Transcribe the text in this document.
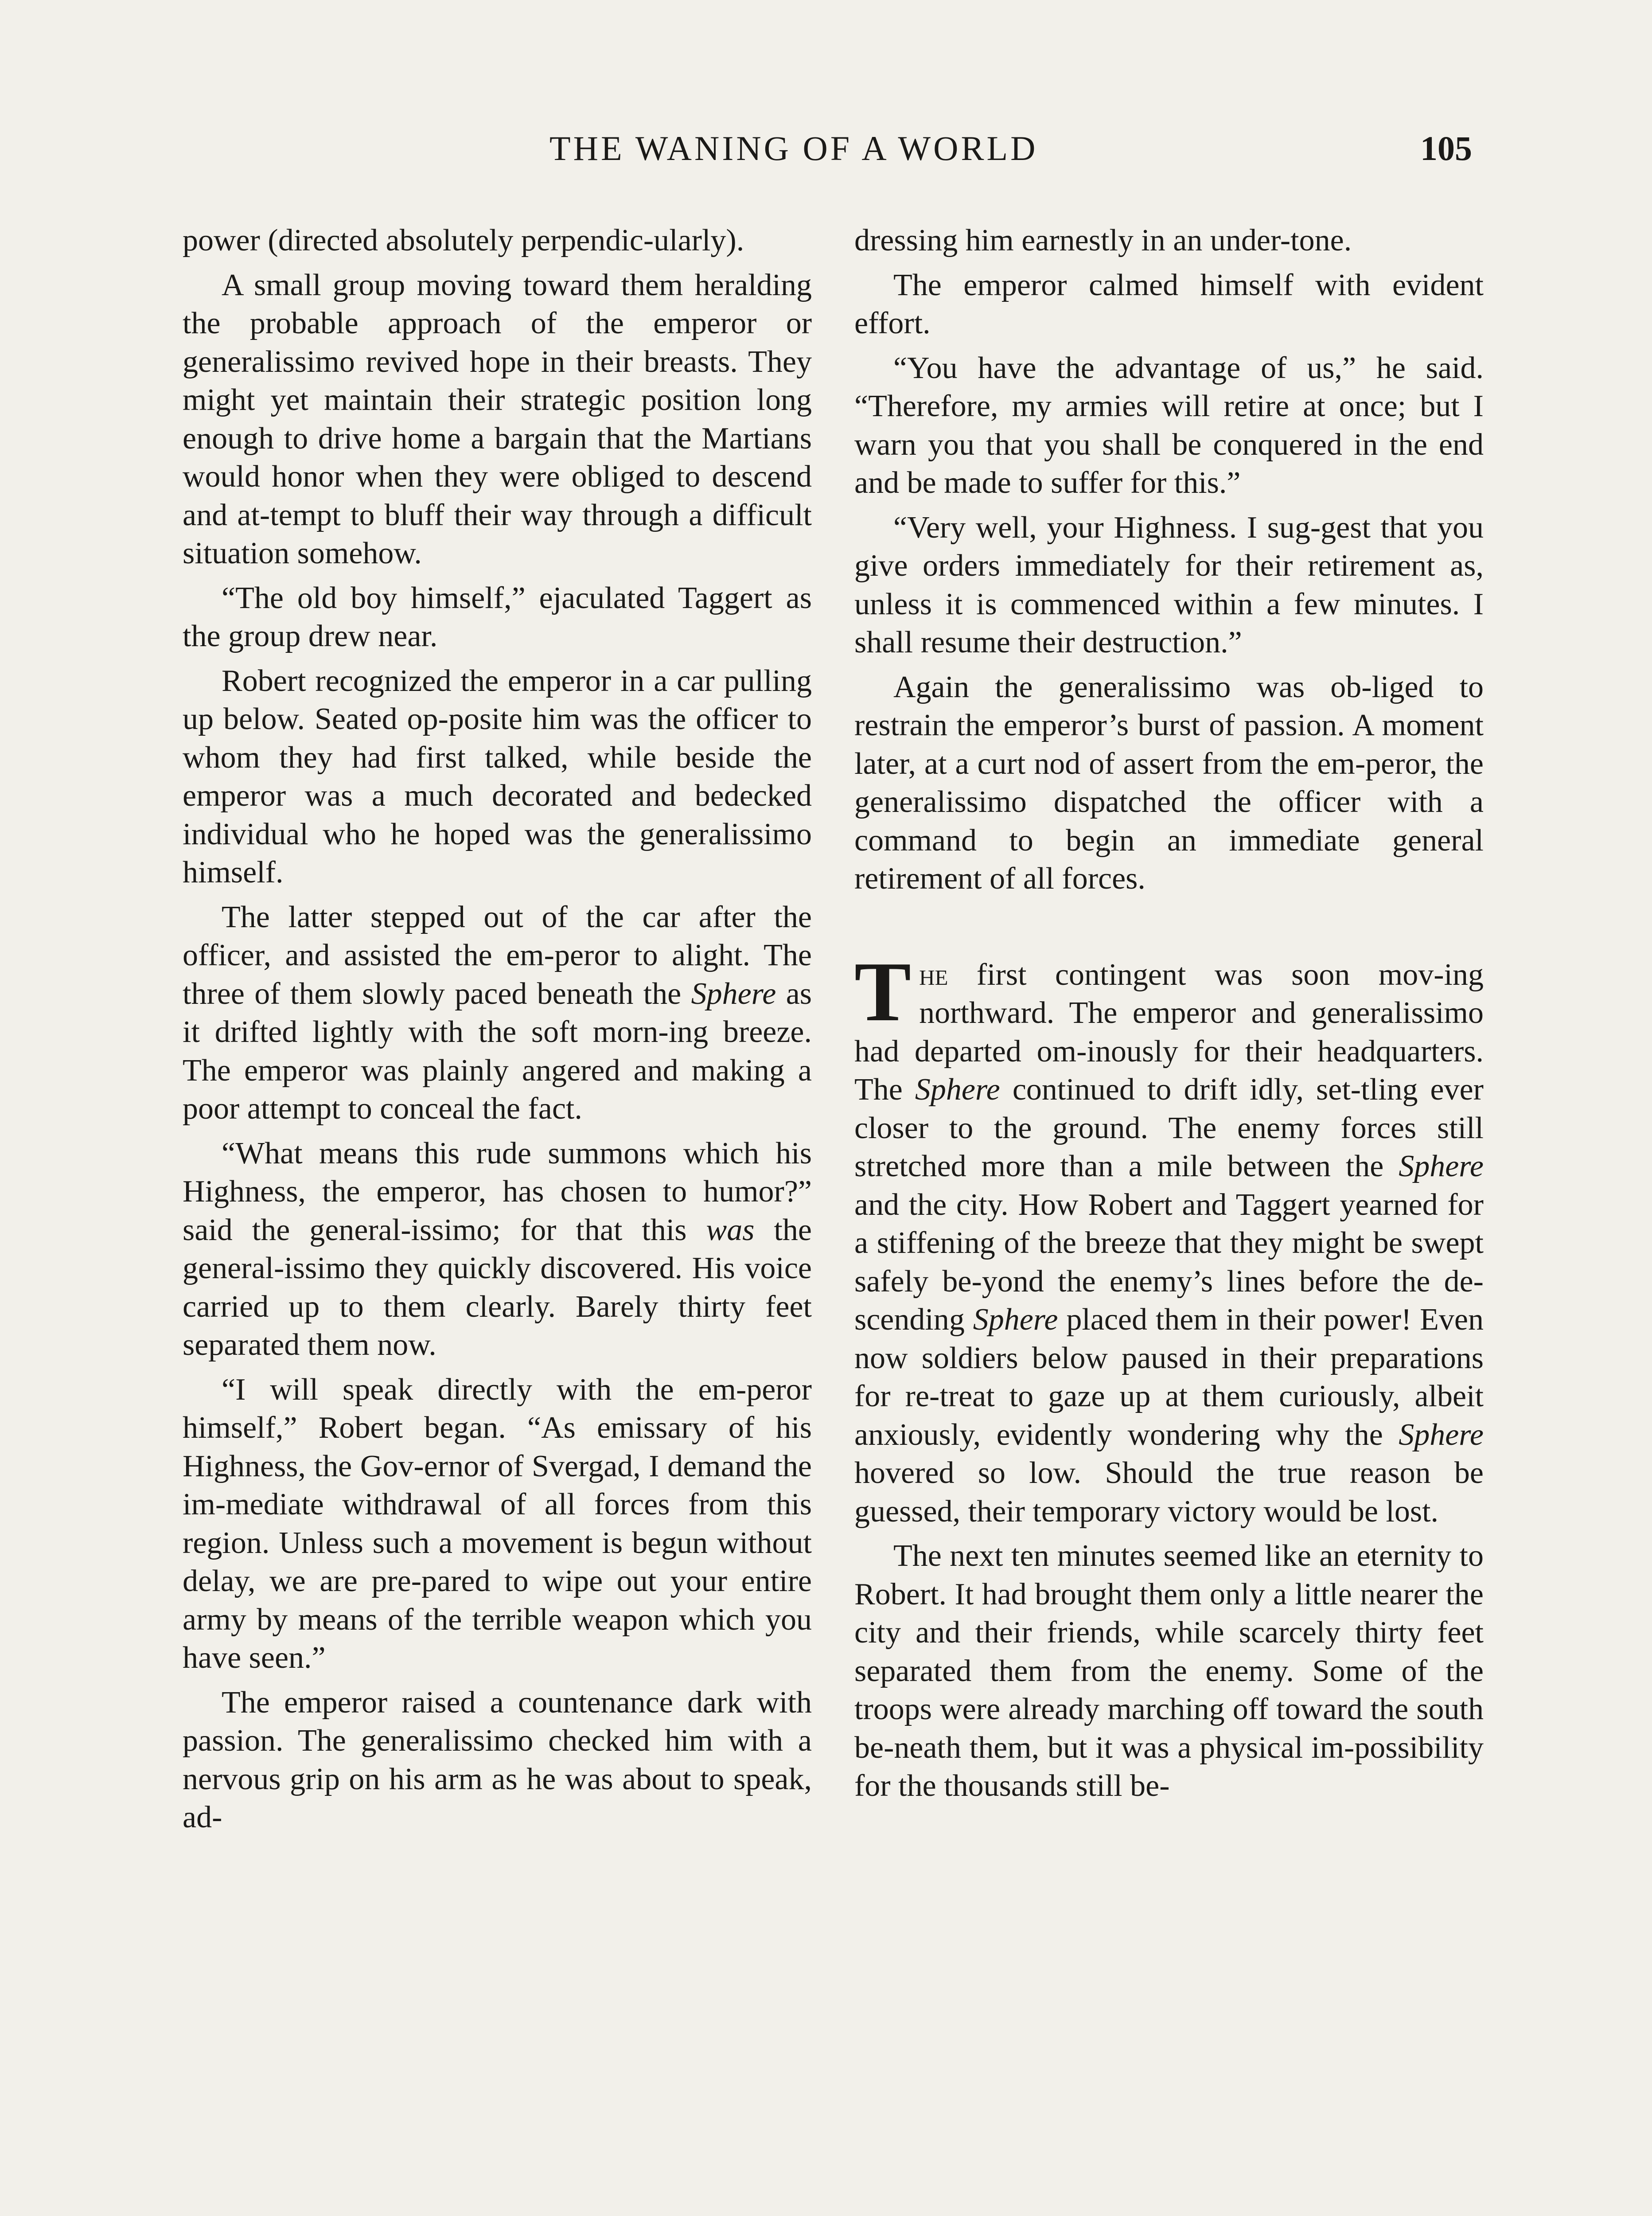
THE WANING OF A WORLD	105

power (directed absolutely perpendic-ularly).

A small group moving toward them heralding the probable approach of the emperor or generalissimo revived hope in their breasts. They might yet maintain their strategic position long enough to drive home a bargain that the Martians would honor when they were obliged to descend and at-tempt to bluff their way through a difficult situation somehow.

“The old boy himself,” ejaculated Taggert as the group drew near.

Robert recognized the emperor in a car pulling up below. Seated op-posite him was the officer to whom they had first talked, while beside the emperor was a much decorated and bedecked individual who he hoped was the generalissimo himself.

The latter stepped out of the car after the officer, and assisted the em-peror to alight. The three of them slowly paced beneath the Sphere as it drifted lightly with the soft morn-ing breeze. The emperor was plainly angered and making a poor attempt to conceal the fact.

“What means this rude summons which his Highness, the emperor, has chosen to humor?” said the general-issimo; for that this was the general-issimo they quickly discovered. His voice carried up to them clearly. Barely thirty feet separated them now.

“I will speak directly with the em-peror himself,” Robert began. “As emissary of his Highness, the Gov-ernor of Svergad, I demand the im-mediate withdrawal of all forces from this region. Unless such a movement is begun without delay, we are pre-pared to wipe out your entire army by means of the terrible weapon which you have seen.”

The emperor raised a countenance dark with passion. The generalissimo checked him with a nervous grip on his arm as he was about to speak, ad-

dressing him earnestly in an under-tone.

The emperor calmed himself with evident effort.

“You have the advantage of us,” he said. “Therefore, my armies will retire at once; but I warn you that you shall be conquered in the end and be made to suffer for this.”

“Very well, your Highness. I sug-gest that you give orders immediately for their retirement as, unless it is commenced within a few minutes. I shall resume their destruction.”

Again the generalissimo was ob-liged to restrain the emperor’s burst of passion. A moment later, at a curt nod of assert from the em-peror, the generalissimo dispatched the officer with a command to begin an immediate general retirement of all forces.

The first contingent was soon mov-ing northward. The emperor and generalissimo had departed om-inously for their headquarters. The Sphere continued to drift idly, set-tling ever closer to the ground. The enemy forces still stretched more than a mile between the Sphere and the city. How Robert and Taggert yearned for a stiffening of the breeze that they might be swept safely be-yond the enemy’s lines before the de-scending Sphere placed them in their power! Even now soldiers below paused in their preparations for re-treat to gaze up at them curiously, albeit anxiously, evidently wondering why the Sphere hovered so low. Should the true reason be guessed, their temporary victory would be lost.

The next ten minutes seemed like an eternity to Robert. It had brought them only a little nearer the city and their friends, while scarcely thirty feet separated them from the enemy. Some of the troops were already marching off toward the south be-neath them, but it was a physical im-possibility for the thousands still be-
